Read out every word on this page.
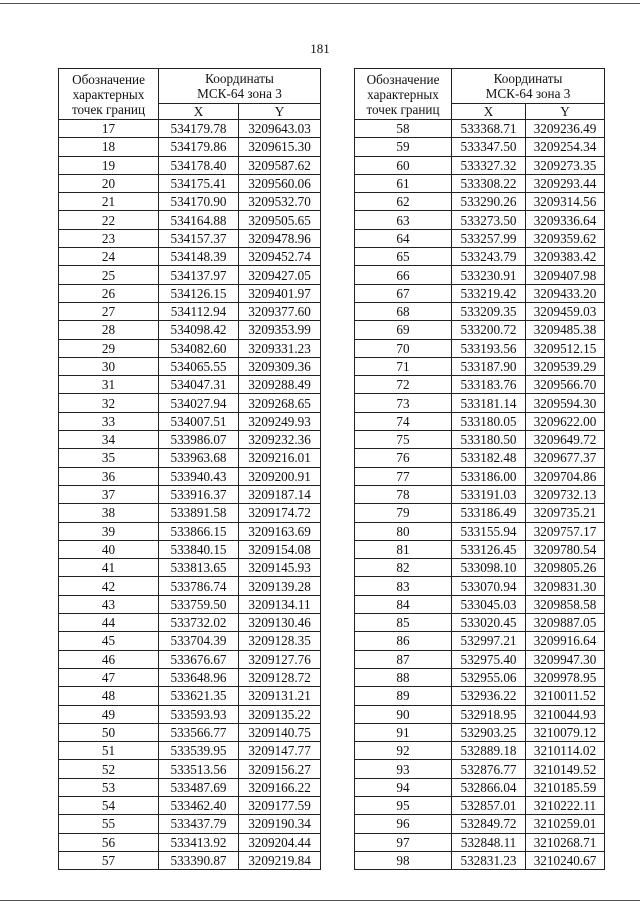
181
Обозначение
характерных
точек границ	Координаты
МСК-64 зона 3	
	X	Y
17	534179.78	3209643.03
18	534179.86	3209615.30
19	534178.40	3209587.62
20	534175.41	3209560.06
21	534170.90	3209532.70
22	534164.88	3209505.65
23	534157.37	3209478.96
24	534148.39	3209452.74
25	534137.97	3209427.05
26	534126.15	3209401.97
27	534112.94	3209377.60
28	534098.42	3209353.99
29	534082.60	3209331.23
30	534065.55	3209309.36
31	534047.31	3209288.49
32	534027.94	3209268.65
33	534007.51	3209249.93
34	533986.07	3209232.36
35	533963.68	3209216.01
36	533940.43	3209200.91
37	533916.37	3209187.14
38	533891.58	3209174.72
39	533866.15	3209163.69
40	533840.15	3209154.08
41	533813.65	3209145.93
42	533786.74	3209139.28
43	533759.50	3209134.11
44	533732.02	3209130.46
45	533704.39	3209128.35
46	533676.67	3209127.76
47	533648.96	3209128.72
48	533621.35	3209131.21
49	533593.93	3209135.22
50	533566.77	3209140.75
51	533539.95	3209147.77
52	533513.56	3209156.27
53	533487.69	3209166.22
54	533462.40	3209177.59
55	533437.79	3209190.34
56	533413.92	3209204.44
57	533390.87	3209219.84
Обозначение
характерных
точек границ	Координаты
МСК-64 зона 3	
	X	Y
58	533368.71	3209236.49
59	533347.50	3209254.34
60	533327.32	3209273.35
61	533308.22	3209293.44
62	533290.26	3209314.56
63	533273.50	3209336.64
64	533257.99	3209359.62
65	533243.79	3209383.42
66	533230.91	3209407.98
67	533219.42	3209433.20
68	533209.35	3209459.03
69	533200.72	3209485.38
70	533193.56	3209512.15
71	533187.90	3209539.29
72	533183.76	3209566.70
73	533181.14	3209594.30
74	533180.05	3209622.00
75	533180.50	3209649.72
76	533182.48	3209677.37
77	533186.00	3209704.86
78	533191.03	3209732.13
79	533186.49	3209735.21
80	533155.94	3209757.17
81	533126.45	3209780.54
82	533098.10	3209805.26
83	533070.94	3209831.30
84	533045.03	3209858.58
85	533020.45	3209887.05
86	532997.21	3209916.64
87	532975.40	3209947.30
88	532955.06	3209978.95
89	532936.22	3210011.52
90	532918.95	3210044.93
91	532903.25	3210079.12
92	532889.18	3210114.02
93	532876.77	3210149.52
94	532866.04	3210185.59
95	532857.01	3210222.11
96	532849.72	3210259.01
97	532848.11	3210268.71
98	532831.23	3210240.67
